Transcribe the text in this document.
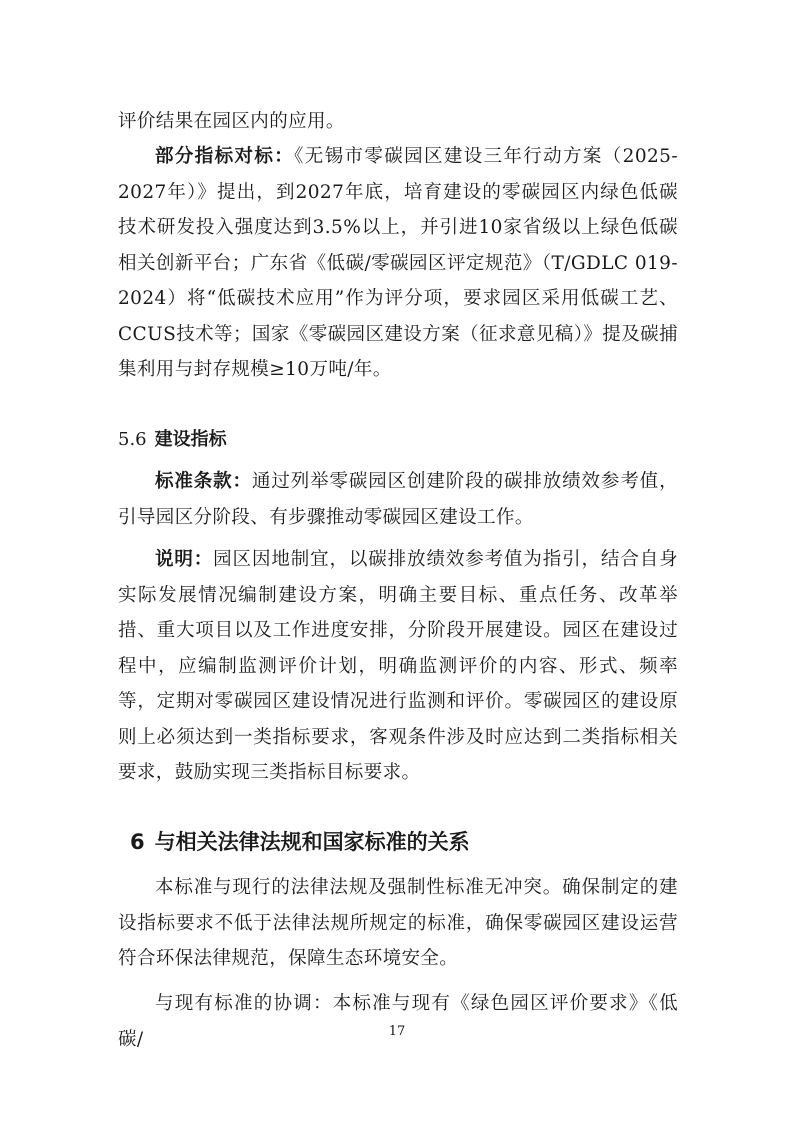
评价结果在园区内的应用。

部分指标对标：《无锡市零碳园区建设三年行动方案（2025-2027年）》提出，到2027年底，培育建设的零碳园区内绿色低碳技术研发投入强度达到3.5%以上，并引进10家省级以上绿色低碳相关创新平台；广东省《低碳/零碳园区评定规范》（T/GDLC 019-2024）将“低碳技术应用”作为评分项，要求园区采用低碳工艺、CCUS技术等；国家《零碳园区建设方案（征求意见稿）》提及碳捕集利用与封存规模≥10万吨/年。

5.6 建设指标

标准条款：通过列举零碳园区创建阶段的碳排放绩效参考值，引导园区分阶段、有步骤推动零碳园区建设工作。

说明：园区因地制宜，以碳排放绩效参考值为指引，结合自身实际发展情况编制建设方案，明确主要目标、重点任务、改革举措、重大项目以及工作进度安排，分阶段开展建设。园区在建设过程中，应编制监测评价计划，明确监测评价的内容、形式、频率等，定期对零碳园区建设情况进行监测和评价。零碳园区的建设原则上必须达到一类指标要求，客观条件涉及时应达到二类指标相关要求，鼓励实现三类指标目标要求。

6 与相关法律法规和国家标准的关系

本标准与现行的法律法规及强制性标准无冲突。确保制定的建设指标要求不低于法律法规所规定的标准，确保零碳园区建设运营符合环保法律规范，保障生态环境安全。

与现有标准的协调：本标准与现有《绿色园区评价要求》《低碳/	17
